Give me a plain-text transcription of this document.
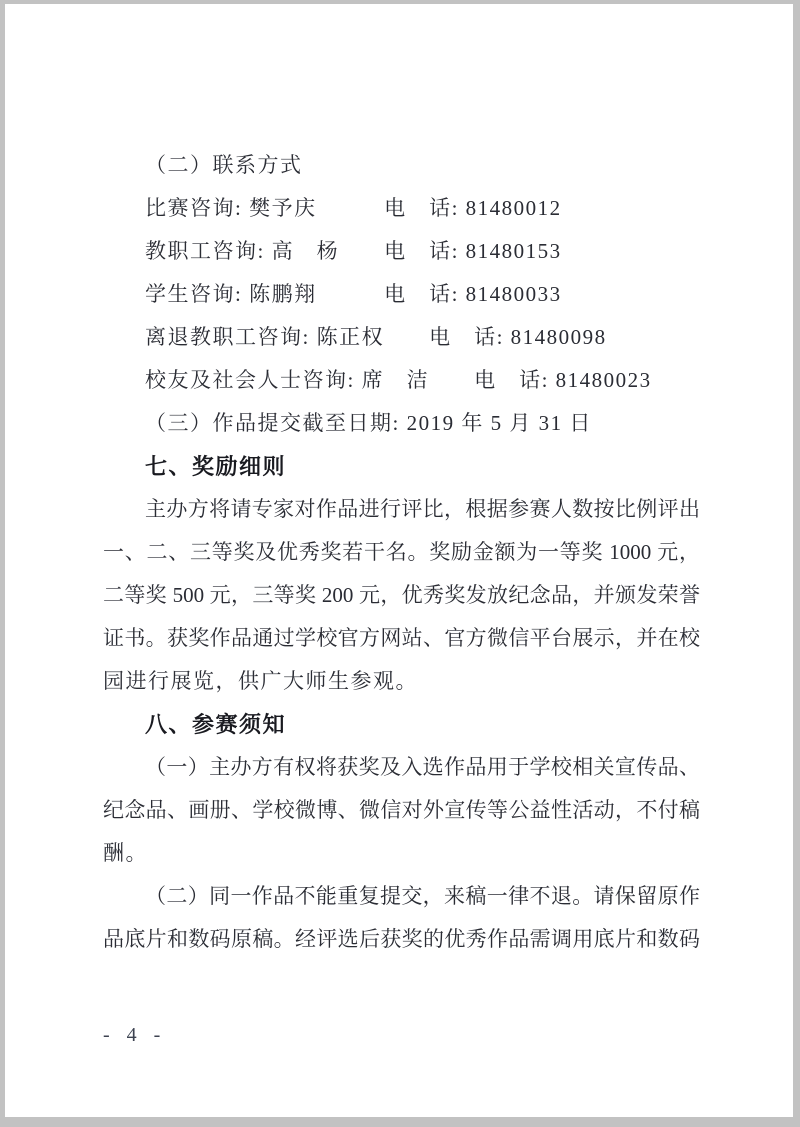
（二）联系方式
比赛咨询: 樊予庆　　　电　话: 81480012
教职工咨询: 高　杨　　电　话: 81480153
学生咨询: 陈鹏翔　　　电　话: 81480033
离退教职工咨询: 陈正权　　电　话: 81480098
校友及社会人士咨询: 席　洁　　电　话: 81480023
（三）作品提交截至日期: 2019 年 5 月 31 日
七、奖励细则
主办方将请专家对作品进行评比，根据参赛人数按比例评出
一、二、三等奖及优秀奖若干名。奖励金额为一等奖 1000 元，
二等奖 500 元，三等奖 200 元，优秀奖发放纪念品，并颁发荣誉
证书。获奖作品通过学校官方网站、官方微信平台展示，并在校
园进行展览，供广大师生参观。
八、参赛须知
（一）主办方有权将获奖及入选作品用于学校相关宣传品、
纪念品、画册、学校微博、微信对外宣传等公益性活动，不付稿
酬。
（二）同一作品不能重复提交，来稿一律不退。请保留原作
品底片和数码原稿。经评选后获奖的优秀作品需调用底片和数码
- 4 -
